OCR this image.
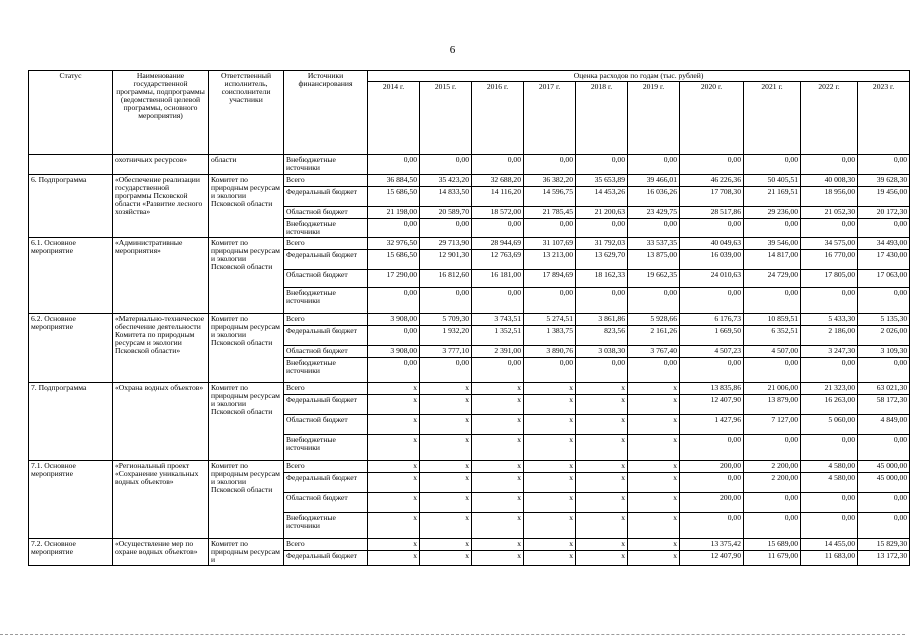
6
Статус	Наименование государственной программы, подпрограммы (ведомственной целевой программы, основного мероприятия)	Ответственный исполнитель, соисполнители участники	Источники финансирования	Оценка расходов по годам (тыс. рублей)									
				2014 г.	2015 г.	2016 г.	2017 г.	2018 г.	2019 г.	2020 г.	2021 г.	2022 г.	2023 г.
	охотничьих ресурсов»	области	Внебюджетные источники	0,00	0,00	0,00	0,00	0,00	0,00	0,00	0,00	0,00	0,00
6. Подпрограмма	«Обеспечение реализации государственной программы Псковской области «Развитие лесного хозяйства»	Комитет по природным ресурсам и экологии Псковской области	Всего	36 884,50	35 423,20	32 688,20	36 382,20	35 653,89	39 466,01	46 226,36	50 405,51	40 008,30	39 628,30
			Федеральный бюджет	15 686,50	14 833,50	14 116,20	14 596,75	14 453,26	16 036,26	17 708,30	21 169,51	18 956,00	19 456,00
			Областной бюджет	21 198,00	20 589,70	18 572,00	21 785,45	21 200,63	23 429,75	28 517,86	29 236,00	21 052,30	20 172,30
			Внебюджетные источники	0,00	0,00	0,00	0,00	0,00	0,00	0,00	0,00	0,00	0,00
6.1. Основное мероприятие	«Административные мероприятия»	Комитет по природным ресурсам и экологии Псковской области	Всего	32 976,50	29 713,90	28 944,69	31 107,69	31 792,03	33 537,35	40 049,63	39 546,00	34 575,00	34 493,00
			Федеральный бюджет	15 686,50	12 901,30	12 763,69	13 213,00	13 629,70	13 875,00	16 039,00	14 817,00	16 770,00	17 430,00
			Областной бюджет	17 290,00	16 812,60	16 181,00	17 894,69	18 162,33	19 662,35	24 010,63	24 729,00	17 805,00	17 063,00
			Внебюджетные источники	0,00	0,00	0,00	0,00	0,00	0,00	0,00	0,00	0,00	0,00
6.2. Основное мероприятие	«Материально-техническое обеспечение деятельности Комитета по природным ресурсам и экологии Псковской области»	Комитет по природным ресурсам и экологии Псковской области	Всего	3 908,00	5 709,30	3 743,51	5 274,51	3 861,86	5 928,66	6 176,73	10 859,51	5 433,30	5 135,30
			Федеральный бюджет	0,00	1 932,20	1 352,51	1 383,75	823,56	2 161,26	1 669,50	6 352,51	2 186,00	2 026,00
			Областной бюджет	3 908,00	3 777,10	2 391,00	3 890,76	3 038,30	3 767,40	4 507,23	4 507,00	3 247,30	3 109,30
			Внебюджетные источники	0,00	0,00	0,00	0,00	0,00	0,00	0,00	0,00	0,00	0,00
7. Подпрограмма	«Охрана водных объектов»	Комитет по природным ресурсам и экологии Псковской области	Всего	x	x	x	x	x	x	13 835,86	21 006,00	21 323,00	63 021,30
			Федеральный бюджет	x	x	x	x	x	x	12 407,90	13 879,00	16 263,00	58 172,30
			Областной бюджет	x	x	x	x	x	x	1 427,96	7 127,00	5 060,00	4 849,00
			Внебюджетные источники	x	x	x	x	x	x	0,00	0,00	0,00	0,00
7.1. Основное мероприятие	«Региональный проект «Сохранение уникальных водных объектов»	Комитет по природным ресурсам и экологии Псковской области	Всего	x	x	x	x	x	x	200,00	2 200,00	4 580,00	45 000,00
			Федеральный бюджет	x	x	x	x	x	x	0,00	2 200,00	4 580,00	45 000,00
			Областной бюджет	x	x	x	x	x	x	200,00	0,00	0,00	0,00
			Внебюджетные источники	x	x	x	x	x	x	0,00	0,00	0,00	0,00
7.2. Основное мероприятие	«Осуществление мер по охране водных объектов»	Комитет по природным ресурсам и	Всего	x	x	x	x	x	x	13 375,42	15 689,00	14 455,00	15 829,30
			Федеральный бюджет	x	x	x	x	x	x	12 407,90	11 679,00	11 683,00	13 172,30
